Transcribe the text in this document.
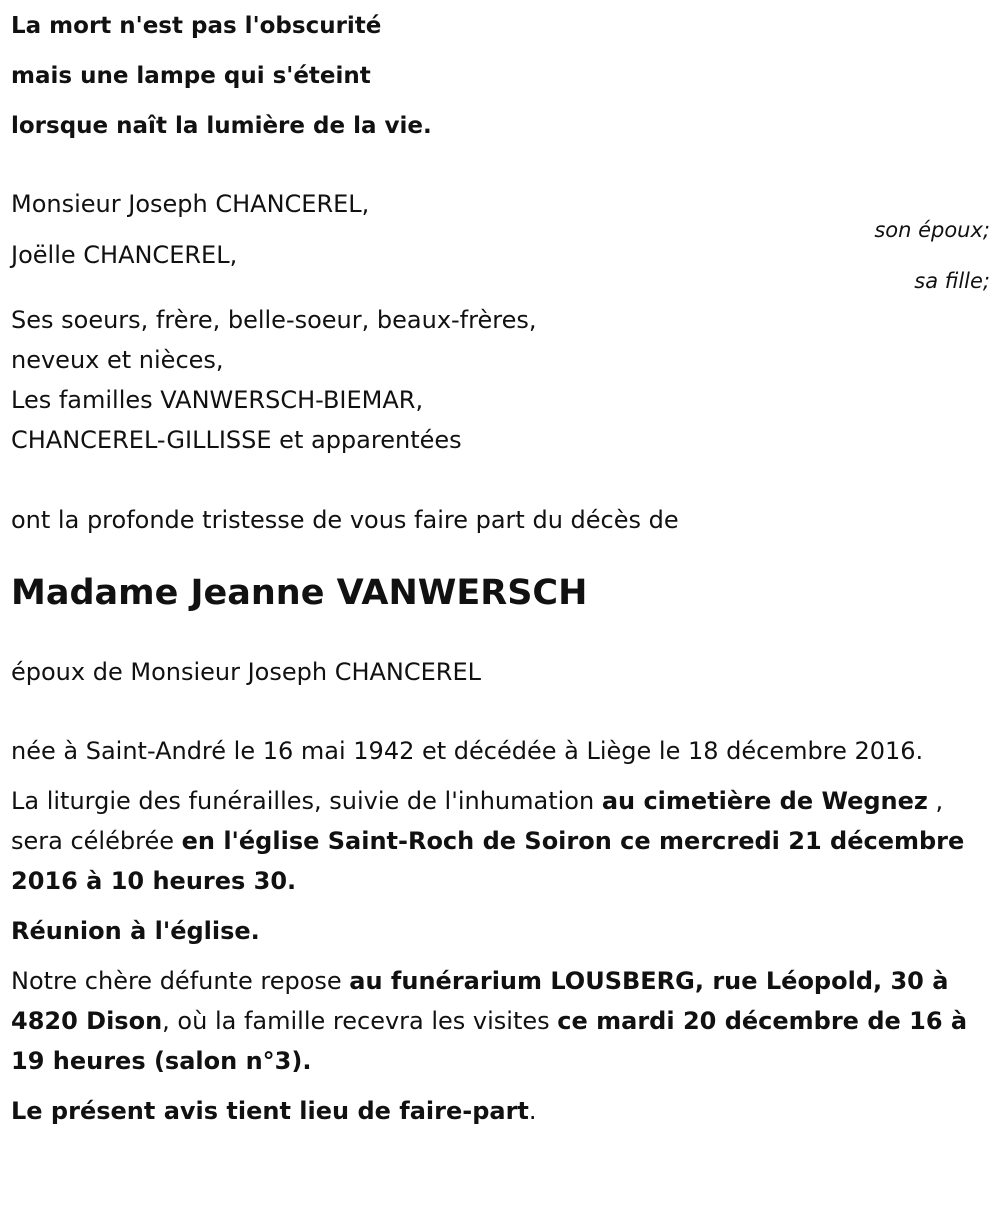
La mort n'est pas l'obscurité
mais une lampe qui s'éteint
lorsque naît la lumière de la vie.
Monsieur Joseph CHANCEREL,
son époux;
Joëlle CHANCEREL,
sa fille;
Ses soeurs, frère, belle-soeur, beaux-frères,
neveux et nièces,
Les familles VANWERSCH-BIEMAR,
CHANCEREL-GILLISSE et apparentées
ont la profonde tristesse de vous faire part du décès de
Madame Jeanne VANWERSCH
époux de Monsieur Joseph CHANCEREL
née à Saint-André le 16 mai 1942 et décédée à Liège le 18 décembre 2016.
La liturgie des funérailles, suivie de l'inhumation au cimetière de Wegnez , sera célébrée en l'église Saint-Roch de Soiron ce mercredi 21 décembre 2016 à 10 heures 30.
Réunion à l'église.
Notre chère défunte repose au funérarium LOUSBERG, rue Léopold, 30 à 4820 Dison, où la famille recevra les visites ce mardi 20 décembre de 16 à 19 heures (salon n°3).
Le présent avis tient lieu de faire-part.
